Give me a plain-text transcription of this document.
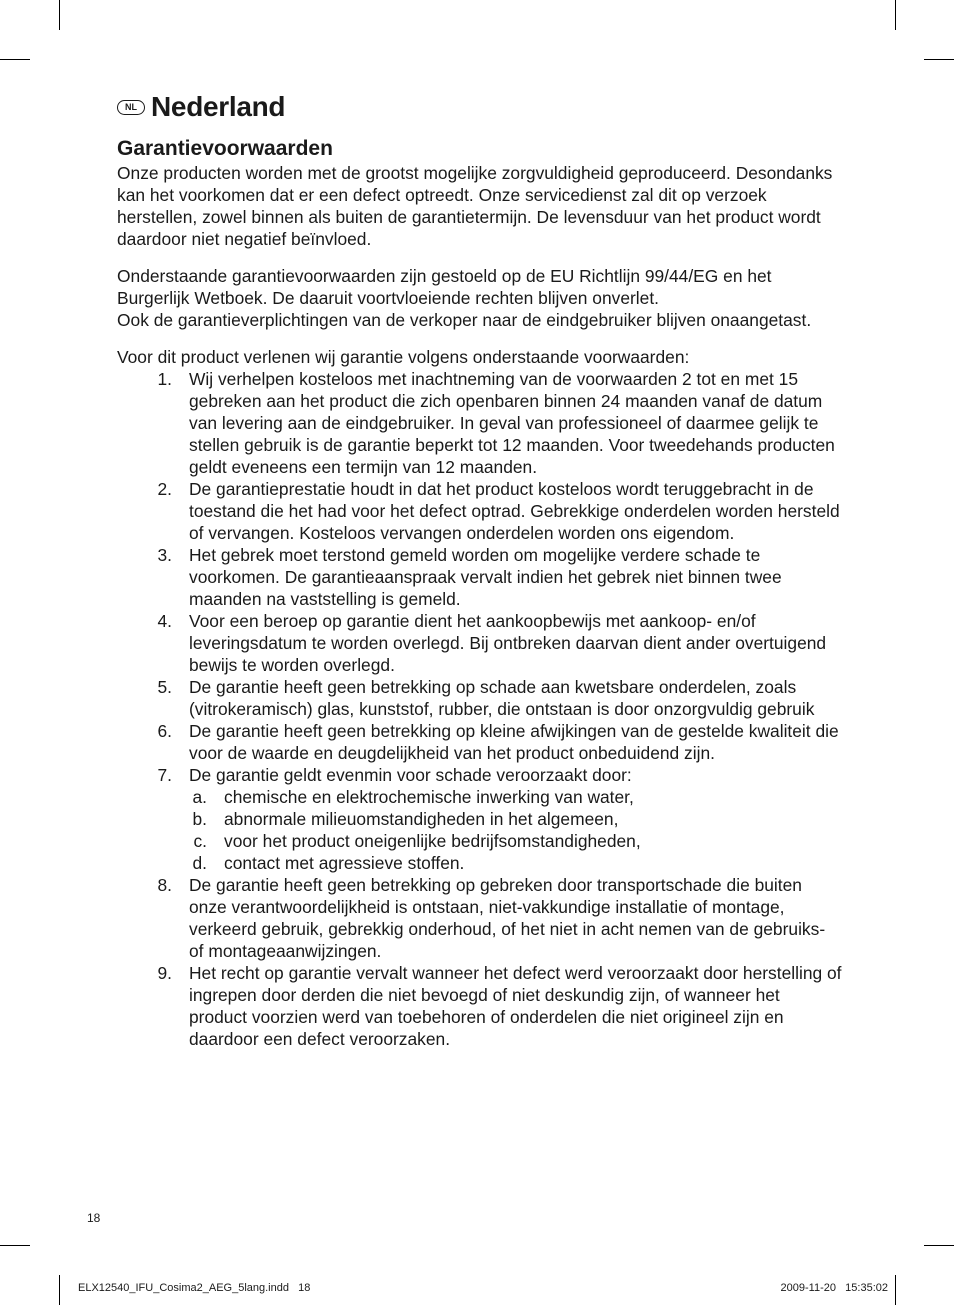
NL Nederland
Garantievoorwaarden

Onze producten worden met de grootst mogelijke zorgvuldigheid geproduceerd. Desondanks kan het voorkomen dat er een defect optreedt. Onze servicedienst zal dit op verzoek herstellen, zowel binnen als buiten de garantietermijn. De levensduur van het product wordt daardoor niet negatief beïnvloed.

Onderstaande garantievoorwaarden zijn gestoeld op de EU Richtlijn 99/44/EG en het Burgerlijk Wetboek. De daaruit voortvloeiende rechten blijven onverlet.

Ook de garantieverplichtingen van de verkoper naar de eindgebruiker blijven onaangetast.

Voor dit product verlenen wij garantie volgens onderstaande voorwaarden:

1. Wij verhelpen kosteloos met inachtneming van de voorwaarden 2 tot en met 15 gebreken aan het product die zich openbaren binnen 24 maanden vanaf de datum van levering aan de eindgebruiker. In geval van professioneel of daarmee gelijk te stellen gebruik is de garantie beperkt tot 12 maanden. Voor tweedehands producten geldt eveneens een termijn van 12 maanden.
2. De garantieprestatie houdt in dat het product kosteloos wordt teruggebracht in de toestand die het had voor het defect optrad. Gebrekkige onderdelen worden hersteld of vervangen. Kosteloos vervangen onderdelen worden ons eigendom.
3. Het gebrek moet terstond gemeld worden om mogelijke verdere schade te voorkomen. De garantieaanspraak vervalt indien het gebrek niet binnen twee maanden na vaststelling is gemeld.
4. Voor een beroep op garantie dient het aankoopbewijs met aankoop- en/of leveringsdatum te worden overlegd. Bij ontbreken daarvan dient ander overtuigend bewijs te worden overlegd.
5. De garantie heeft geen betrekking op schade aan kwetsbare onderdelen, zoals (vitrokeramisch) glas, kunststof, rubber, die ontstaan is door onzorgvuldig gebruik
6. De garantie heeft geen betrekking op kleine afwijkingen van de gestelde kwaliteit die voor de waarde en deugdelijkheid van het product onbeduidend zijn.
7. De garantie geldt evenmin voor schade veroorzaakt door:
a. chemische en elektrochemische inwerking van water,
b. abnormale milieuomstandigheden in het algemeen,
c. voor het product oneigenlijke bedrijfsomstandigheden,
d. contact met agressieve stoffen.
8. De garantie heeft geen betrekking op gebreken door transportschade die buiten onze verantwoordelijkheid is ontstaan, niet-vakkundige installatie of montage, verkeerd gebruik, gebrekkig onderhoud, of het niet in acht nemen van de gebruiks- of montageaanwijzingen.
9. Het recht op garantie vervalt wanneer het defect werd veroorzaakt door herstelling of ingrepen door derden die niet bevoegd of niet deskundig zijn, of wanneer het product voorzien werd van toebehoren of onderdelen die niet origineel zijn en daardoor een defect veroorzaken.
18
ELX12540_IFU_Cosima2_AEG_5lang.indd   18	2009-11-20   15:35:02
